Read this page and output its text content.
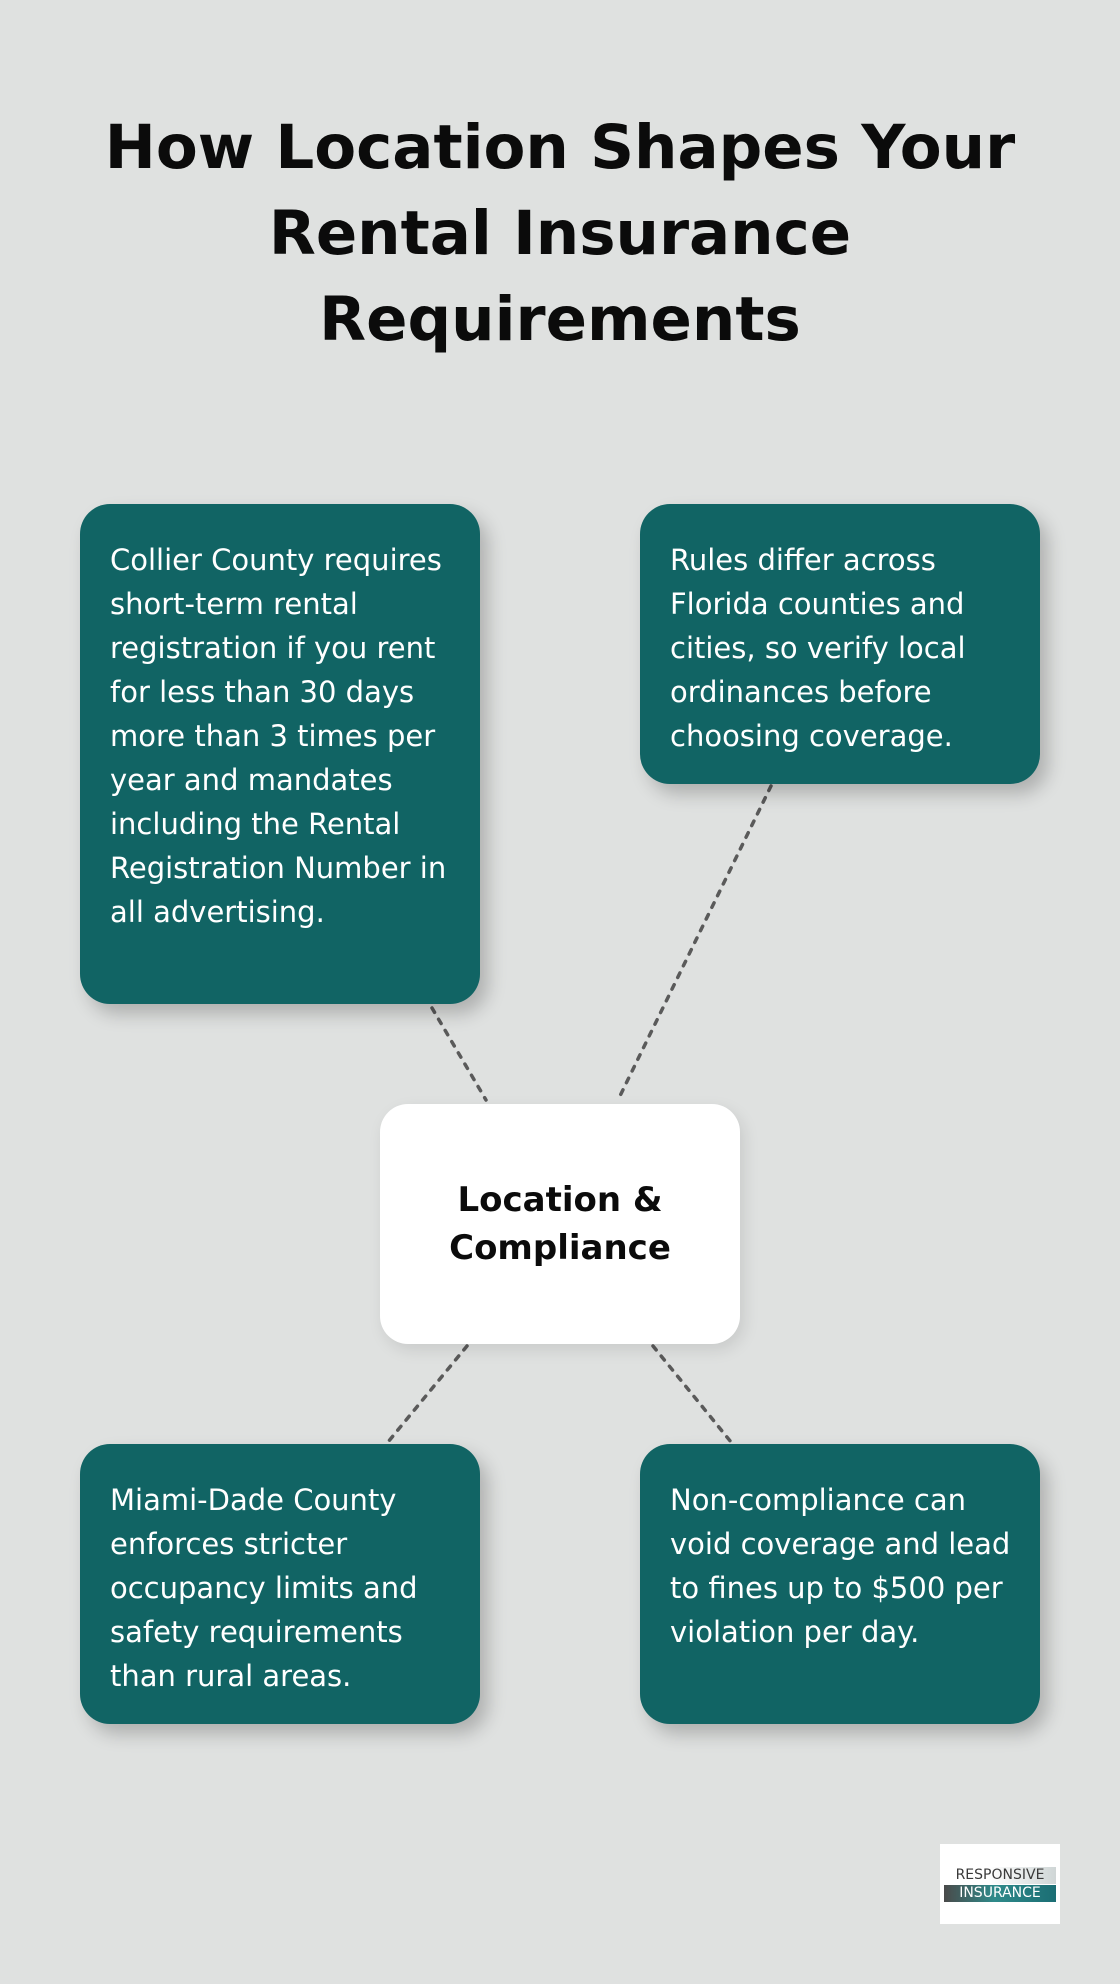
How Location Shapes Your Rental Insurance Requirements

Collier County requires short-term rental registration if you rent for less than 30 days more than 3 times per year and mandates including the Rental Registration Number in all advertising.

Rules differ across Florida counties and cities, so verify local ordinances before choosing coverage.

Location & Compliance

Miami-Dade County enforces stricter occupancy limits and safety requirements than rural areas.

Non-compliance can void coverage and lead to fines up to $500 per violation per day.

RESPONSIVE
INSURANCE
